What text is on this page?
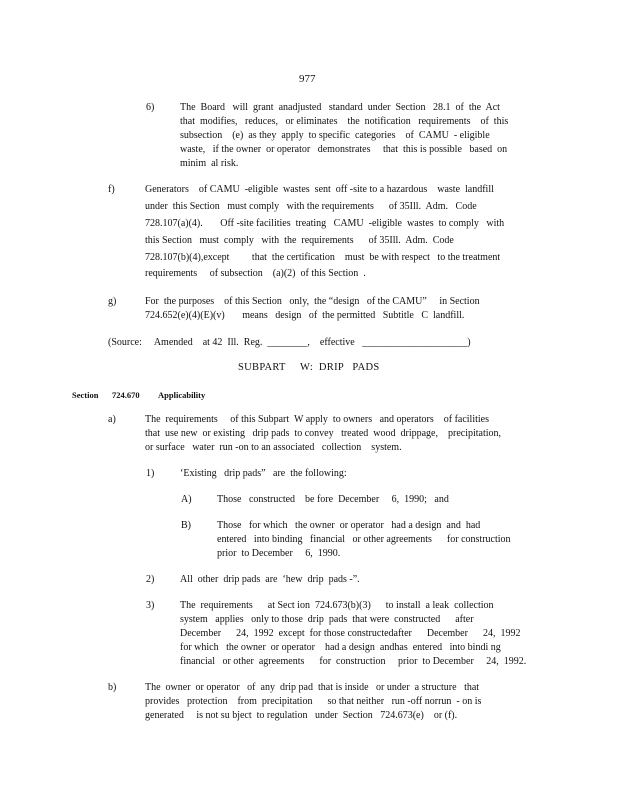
977
6)	The  Board   will  grant  anadjusted   standard  under  Section   28.1  of  the  Act
that  modifies,   reduces,   or eliminates    the  notification   requirements    of  this
subsection    (e)  as they  apply  to specific  categories    of  CAMU  - eligible
waste,   if the owner  or operator   demonstrates     that  this is possible   based  on
minim  al risk.
f)	Generators    of CAMU  -eligible  wastes  sent  off -site to a hazardous    waste  landfill
under  this Section   must comply   with the requirements      of 35Ill.  Adm.   Code
728.107(a)(4).       Off -site facilities  treating   CAMU  -eligible  wastes  to comply   with
this Section   must  comply   with  the  requirements      of 35Ill.  Adm.  Code
728.107(b)(4),except         that  the certification    must  be with respect   to the treatment
requirements     of subsection    (a)(2)  of this Section  .
g)	For  the purposes    of this Section   only,  the “design   of the CAMU”     in Section
724.652(e)(4)(E)(v)       means   design   of  the permitted   Subtitle   C  landfill.
(Source:     Amended    at 42  Ill.  Reg.  ________,    effective   _____________________)
SUBPART     W:  DRIP   PADS
Section 724.670 Applicability
a)	The  requirements     of this Subpart  W apply  to owners   and operators    of facilities
that  use new  or existing   drip pads  to convey   treated  wood  drippage,    precipitation,
or surface   water  run -on to an associated   collection    system.
1)	‘Existing   drip pads”   are  the following:
A)	Those   constructed    be fore  December     6,  1990;   and
B)	Those   for which   the owner  or operator   had a design  and  had
entered   into binding   financial   or other agreements      for construction
prior  to December     6,  1990.
2)	All  other  drip pads  are  ‘hew  drip  pads -”.
3)	The  requirements      at Sect ion  724.673(b)(3)      to install  a leak  collection
system   applies   only to those  drip  pads  that were  constructed      after
December      24,  1992  except  for those constructedafter      December      24,  1992
for which   the owner  or operator    had a design  andhas  entered   into bindi ng
financial   or other  agreements      for  construction     prior  to December     24,  1992.
b)	The  owner  or operator   of  any  drip pad  that is inside   or under  a structure   that
provides   protection    from  precipitation      so that neither   run -off norrun  - on is
generated     is not su bject  to regulation   under  Section   724.673(e)    or (f).
